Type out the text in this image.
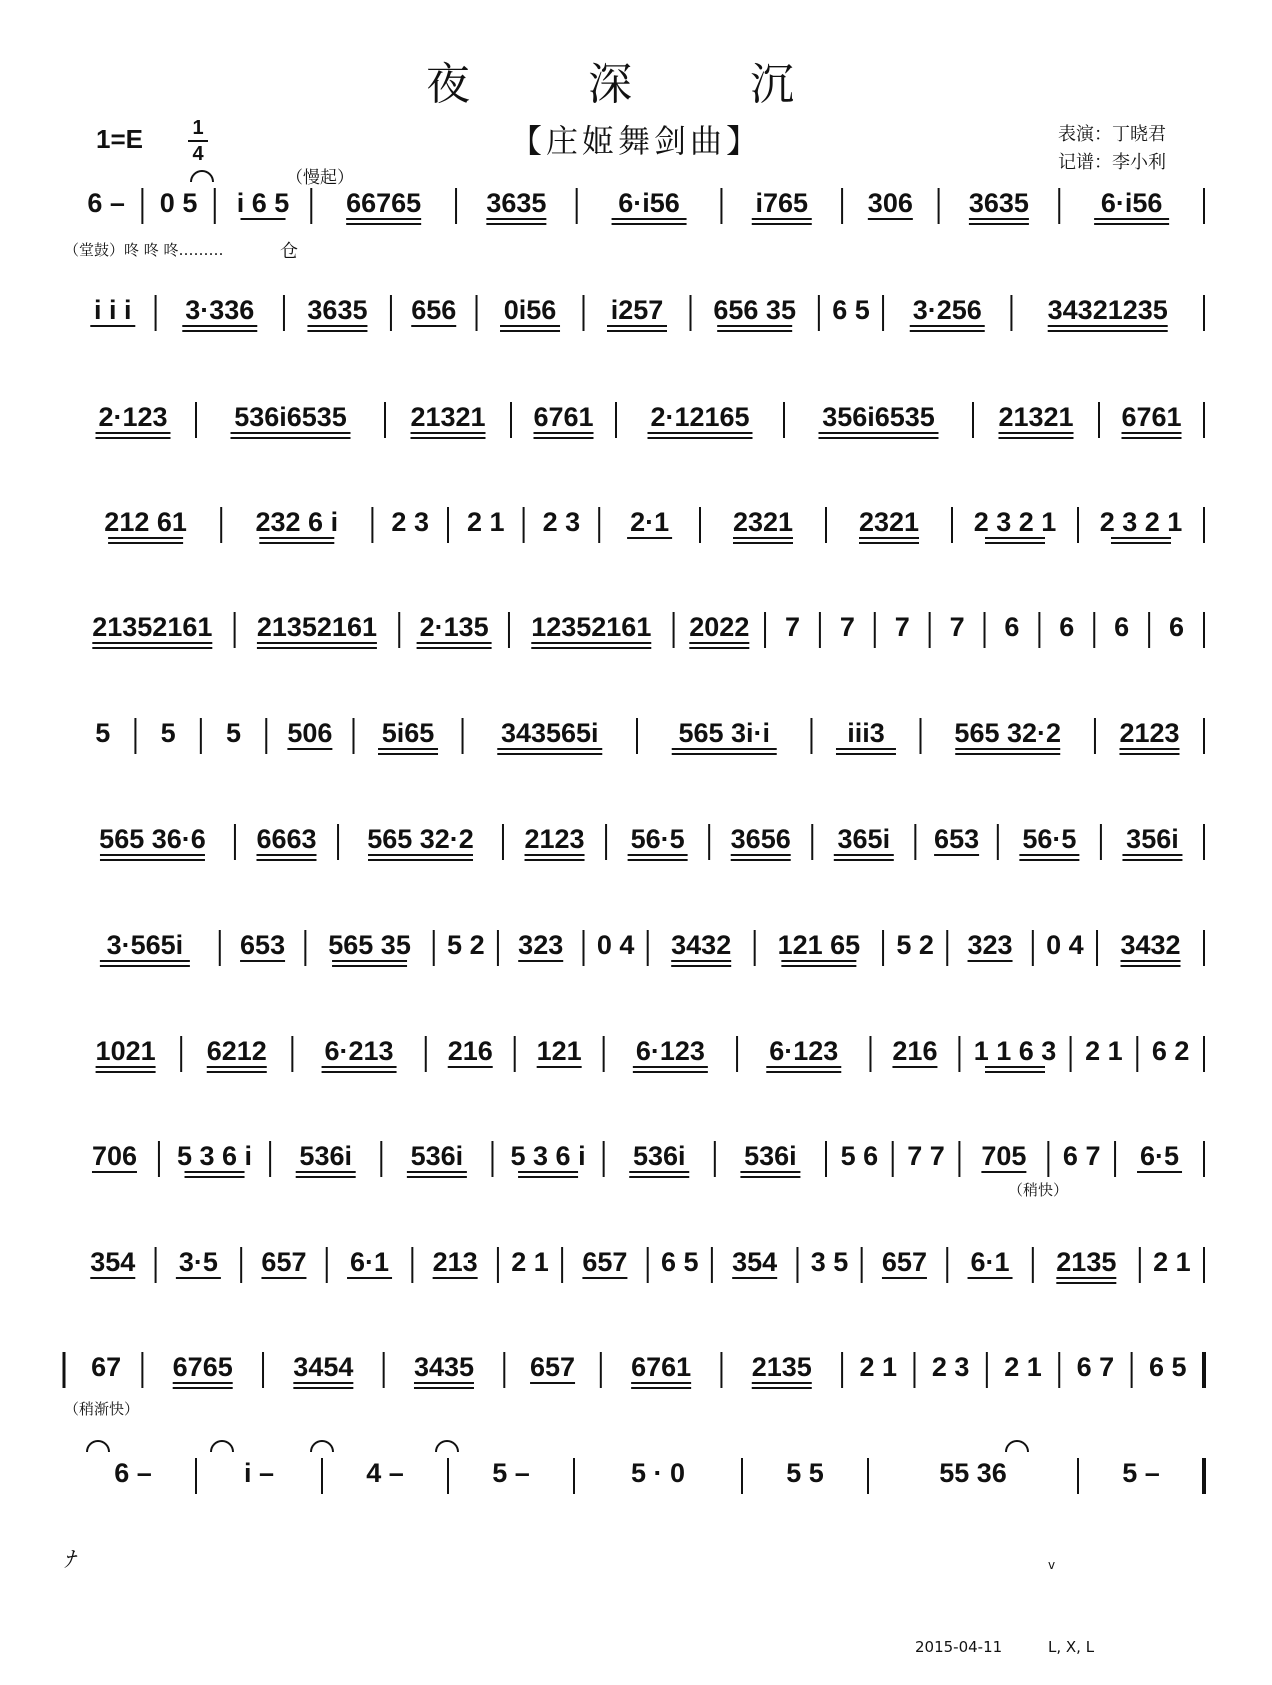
夜 深 沉
【庄姬舞剑曲】
1=E	1
4
表演：丁晓君
记谱：李小利
（慢起）
（堂鼓）咚 咚 咚………	仓
（稍快）
（稍渐快）
ﾅ	v
6 – 0 5 i 6 5 66765 3635	6·i56	i765 306 3635	6·i56
i i i 3·336 3635 656 0i56 i257 656 35 6 5 3·256 34321235
2·123 536i6535 21321 6761 2·12165	356i6535 21321 6761
212 61	232 6 i 2 3 2 1 2 3 2·1 2321 2321 2 3 2 1 2 3 2 1
21352161 21352161 2·135 12352161 2022 7 7 7 7 6 6 6 6
5 5 5 506 5i65 343565i	565 3i·i	iii3	565 32·2 2123
565 36·6 6663 565 32·2 2123 56·5 3656 365i 653 56·5 356i
3·565i 653 565 35 5 2 323 0 4 3432 121 65 5 2 323 0 4 3432
1021 6212 6·213 216 121 6·123 6·123 216 1 1 6 3 2 1 6 2
706 5 3 6 i 536i 536i 5 3 6 i 536i 536i 5 6 7 7 705 6 7 6·5
354 3·5 657 6·1 213 2 1 657 6 5 354 3 5 657 6·1 2135 2 1
67 6765 3454 3435 657 6761 2135 2 1 2 3 2 1 6 7 6 5
6 –	i –	4 –	5 –	5 · 0	5 5	55 36	5 –
2015-04-11	L, X, L
